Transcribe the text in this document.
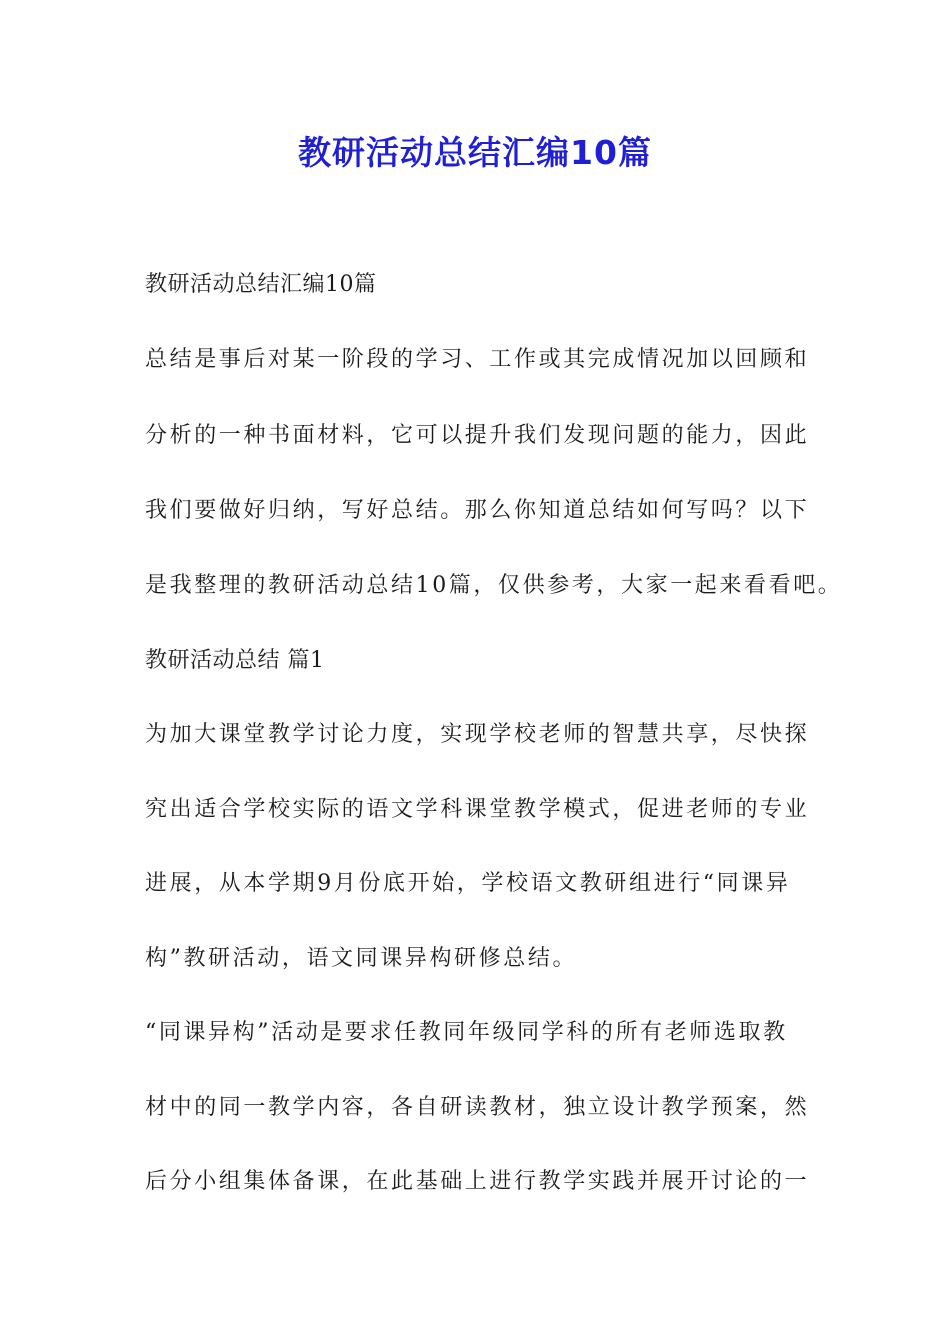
教研活动总结汇编10篇
教研活动总结汇编10篇
总结是事后对某一阶段的学习、工作或其完成情况加以回顾和
分析的一种书面材料，它可以提升我们发现问题的能力，因此
我们要做好归纳，写好总结。那么你知道总结如何写吗？以下
是我整理的教研活动总结10篇，仅供参考，大家一起来看看吧。
教研活动总结 篇1
为加大课堂教学讨论力度，实现学校老师的智慧共享，尽快探
究出适合学校实际的语文学科课堂教学模式，促进老师的专业
进展，从本学期9月份底开始，学校语文教研组进行“同课异
构”教研活动，语文同课异构研修总结。
“同课异构”活动是要求任教同年级同学科的所有老师选取教
材中的同一教学内容，各自研读教材，独立设计教学预案，然
后分小组集体备课，在此基础上进行教学实践并展开讨论的一
